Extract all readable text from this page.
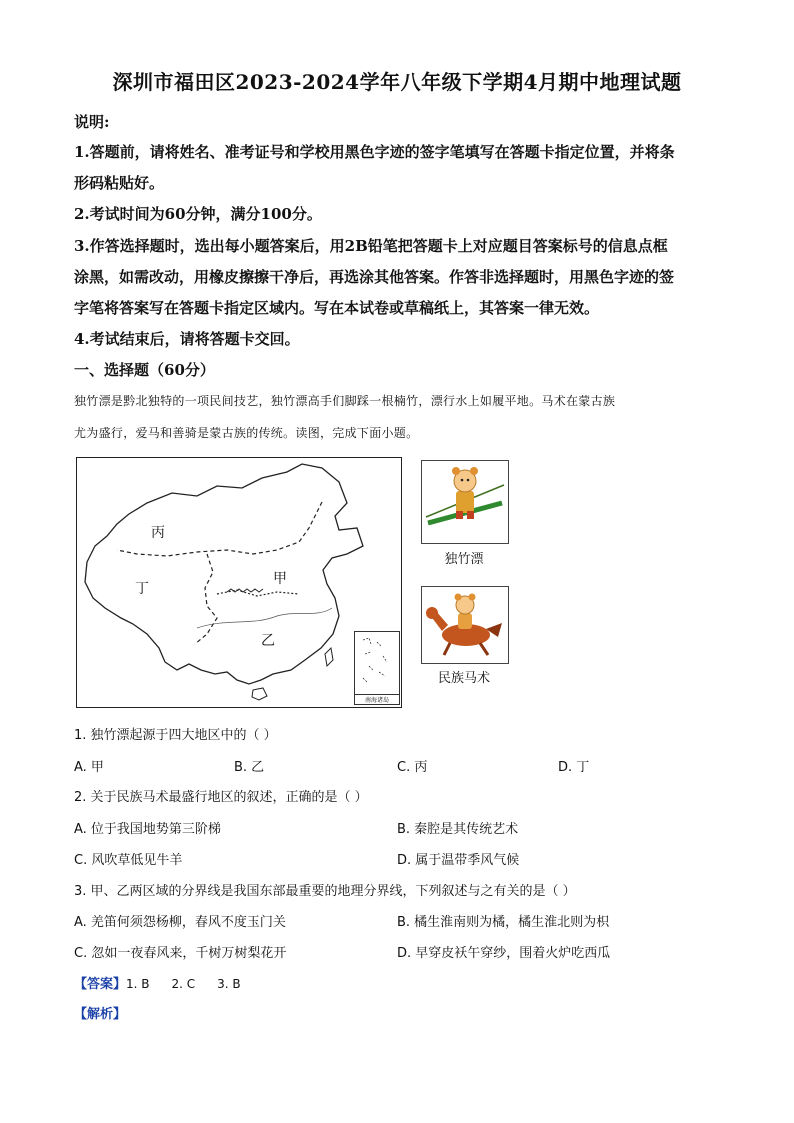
深圳市福田区2023-2024学年八年级下学期4月期中地理试题
说明:
1.答题前，请将姓名、准考证号和学校用黑色字迹的签字笔填写在答题卡指定位置，并将条
形码粘贴好。
2.考试时间为60分钟，满分100分。
3.作答选择题时，选出每小题答案后，用2B铅笔把答题卡上对应题目答案标号的信息点框
涂黑，如需改动，用橡皮擦擦干净后，再选涂其他答案。作答非选择题时，用黑色字迹的签
字笔将答案写在答题卡指定区域内。写在本试卷或草稿纸上，其答案一律无效。
4.考试结束后，请将答题卡交回。
一、选择题（60分）
独竹漂是黔北独特的一项民间技艺，独竹漂高手们脚踩一根楠竹，漂行水上如履平地。马术在蒙古族
尤为盛行，爱马和善骑是蒙古族的传统。读图，完成下面小题。
丙
丁
甲
乙
南海诸岛
独竹漂
民族马术
1. 独竹漂起源于四大地区中的（ ）
A. 甲	B. 乙	C. 丙	D. 丁
2. 关于民族马术最盛行地区的叙述，正确的是（ ）
A. 位于我国地势第三阶梯	B. 秦腔是其传统艺术
C. 风吹草低见牛羊	D. 属于温带季风气候
3. 甲、乙两区域的分界线是我国东部最重要的地理分界线，下列叙述与之有关的是（ ）
A. 羌笛何须怨杨柳，春风不度玉门关	B. 橘生淮南则为橘，橘生淮北则为枳
C. 忽如一夜春风来，千树万树梨花开	D. 早穿皮袄午穿纱，围着火炉吃西瓜
【答案】1. B 2. C 3. B
【解析】
